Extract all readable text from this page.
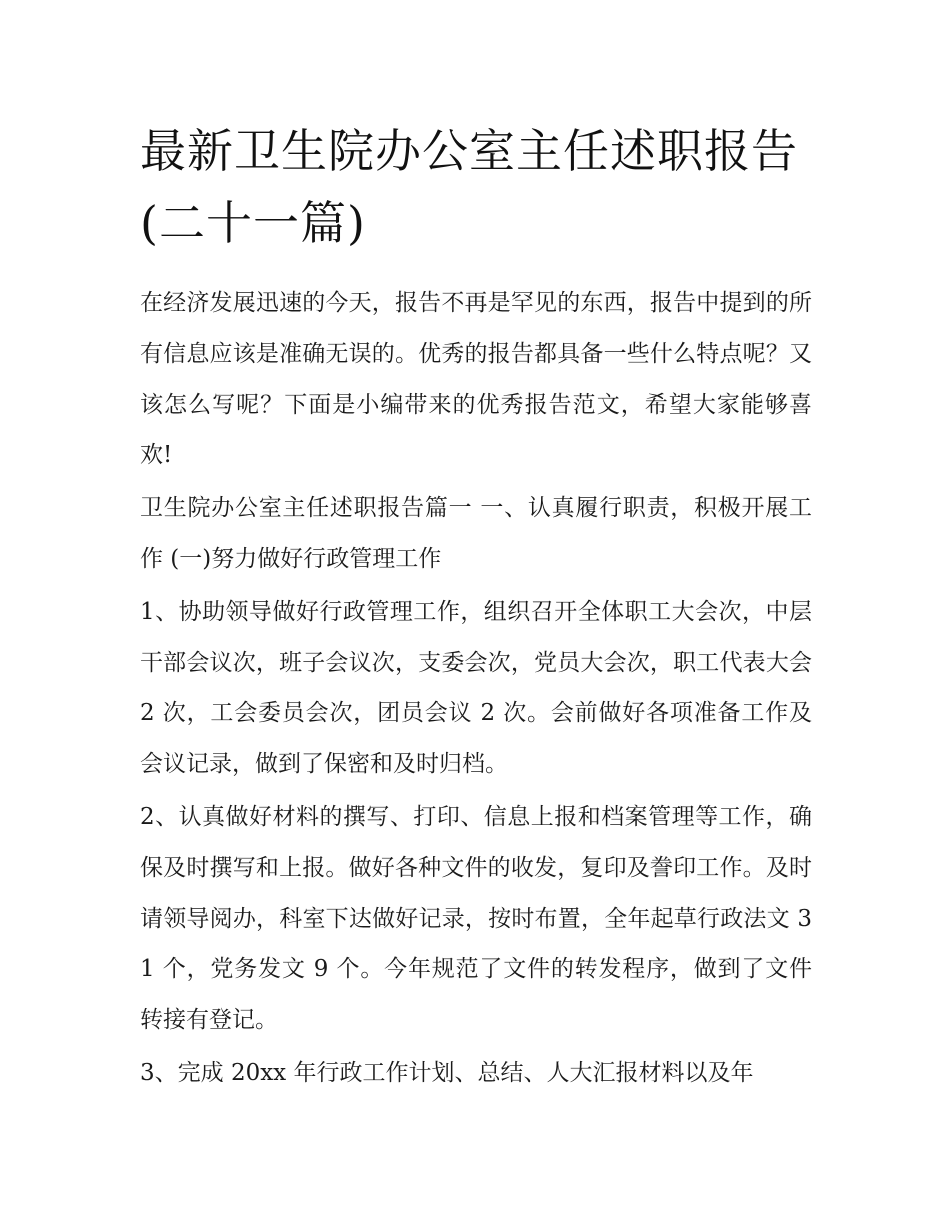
最新卫生院办公室主任述职报告(二十一篇)

在经济发展迅速的今天，报告不再是罕见的东西，报告中提到的所有信息应该是准确无误的。优秀的报告都具备一些什么特点呢？又该怎么写呢？下面是小编带来的优秀报告范文，希望大家能够喜欢!

卫生院办公室主任述职报告篇一 一、认真履行职责，积极开展工作 (一)努力做好行政管理工作

1、协助领导做好行政管理工作，组织召开全体职工大会次，中层干部会议次，班子会议次，支委会次，党员大会次，职工代表大会 2 次，工会委员会次，团员会议 2 次。会前做好各项准备工作及会议记录，做到了保密和及时归档。

2、认真做好材料的撰写、打印、信息上报和档案管理等工作，确保及时撰写和上报。做好各种文件的收发，复印及誊印工作。及时请领导阅办，科室下达做好记录，按时布置，全年起草行政法文 31 个，党务发文 9 个。今年规范了文件的转发程序，做到了文件转接有登记。

3、完成 20xx 年行政工作计划、总结、人大汇报材料以及年
